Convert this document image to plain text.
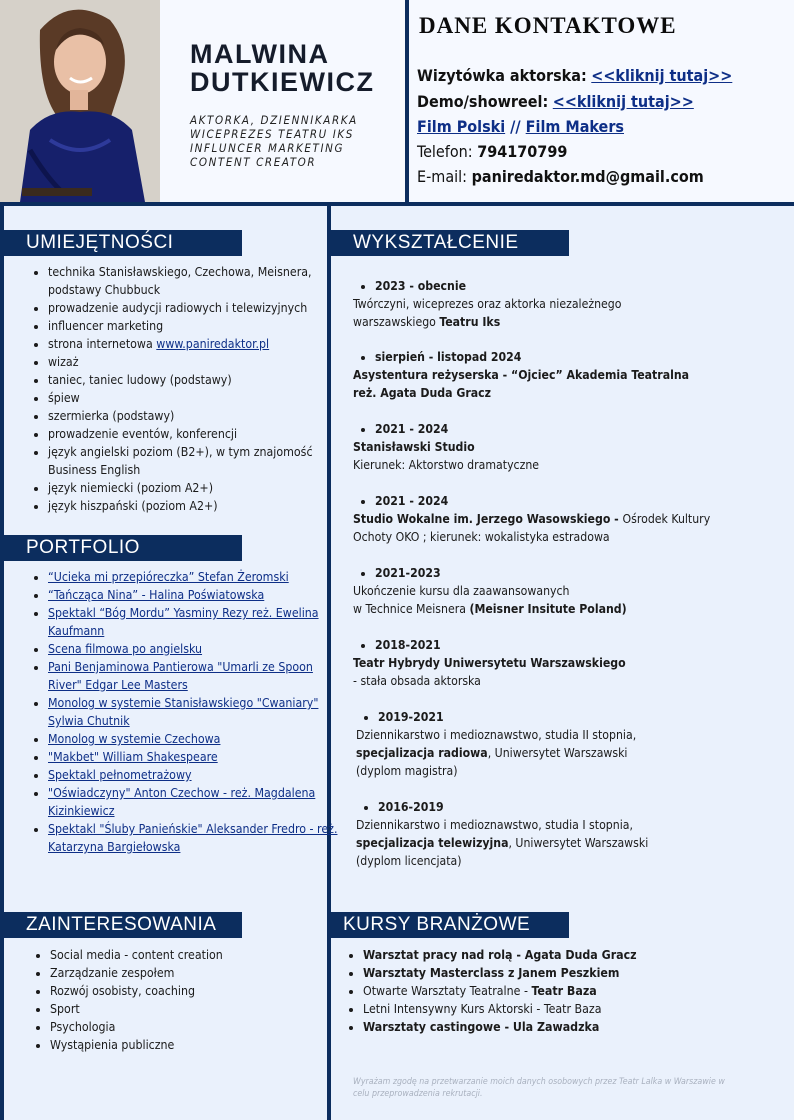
MALWINA
DUTKIEWICZ
AKTORKA, DZIENNIKARKA
WICEPREZES TEATRU IKS
INFLUNCER MARKETING
CONTENT CREATOR
DANE KONTAKTOWE
Wizytówka aktorska: <<kliknij tutaj>>
Demo/showreel: <<kliknij tutaj>>
Film Polski // Film Makers
Telefon: 794170799
E-mail: paniredaktor.md@gmail.com
UMIEJĘTNOŚCI
• technika Stanisławskiego, Czechowa, Meisnera, podstawy Chubbuck
• prowadzenie audycji radiowych i telewizyjnych
• influencer marketing
• strona internetowa www.paniredaktor.pl
• wizaż
• taniec, taniec ludowy (podstawy)
• śpiew
• szermierka (podstawy)
• prowadzenie eventów, konferencji
• język angielski poziom (B2+), w tym znajomość Business English
• język niemiecki (poziom A2+)
• język hiszpański (poziom A2+)
PORTFOLIO
• “Ucieka mi przepióreczka” Stefan Żeromski
• “Tańcząca Nina” - Halina Poświatowska
• Spektakl “Bóg Mordu” Yasminy Rezy reż. Ewelina Kaufmann
• Scena filmowa po angielsku
• Pani Benjaminowa Pantierowa "Umarli ze Spoon River" Edgar Lee Masters
• Monolog w systemie Stanisławskiego "Cwaniary" Sylwia Chutnik
• Monolog w systemie Czechowa
• "Makbet" William Shakespeare
• Spektakl pełnometrażowy
• "Oświadczyny" Anton Czechow - reż. Magdalena Kizinkiewicz
• Spektakl "Śluby Panieńskie" Aleksander Fredro - reż. Katarzyna Bargiełowska
ZAINTERESOWANIA
• Social media - content creation
• Zarządzanie zespołem
• Rozwój osobisty, coaching
• Sport
• Psychologia
• Wystąpienia publiczne
WYKSZTAŁCENIE
2023 - obecnie
Twórczyni, wiceprezes oraz aktorka niezależnego
warszawskiego Teatru Iks
sierpień - listopad 2024
Asystentura reżyserska - “Ojciec” Akademia Teatralna
reż. Agata Duda Gracz
2021 - 2024
Stanisławski Studio
Kierunek: Aktorstwo dramatyczne
2021 - 2024
Studio Wokalne im. Jerzego Wasowskiego - Ośrodek Kultury
Ochoty OKO ; kierunek: wokalistyka estradowa
2021-2023
Ukończenie kursu dla zaawansowanych
w Technice Meisnera (Meisner Insitute Poland)
2018-2021
Teatr Hybrydy Uniwersytetu Warszawskiego
- stała obsada aktorska
2019-2021
Dziennikarstwo i medioznawstwo, studia II stopnia,
specjalizacja radiowa, Uniwersytet Warszawski
(dyplom magistra)
2016-2019
Dziennikarstwo i medioznawstwo, studia I stopnia,
specjalizacja telewizyjna, Uniwersytet Warszawski
(dyplom licencjata)
KURSY BRANŻOWE
• Warsztat pracy nad rolą - Agata Duda Gracz
• Warsztaty Masterclass z Janem Peszkiem
• Otwarte Warsztaty Teatralne - Teatr Baza
• Letni Intensywny Kurs Aktorski - Teatr Baza
• Warsztaty castingowe - Ula Zawadzka
Wyrażam zgodę na przetwarzanie moich danych osobowych przez Teatr Lalka w Warszawie w celu przeprowadzenia rekrutacji.
